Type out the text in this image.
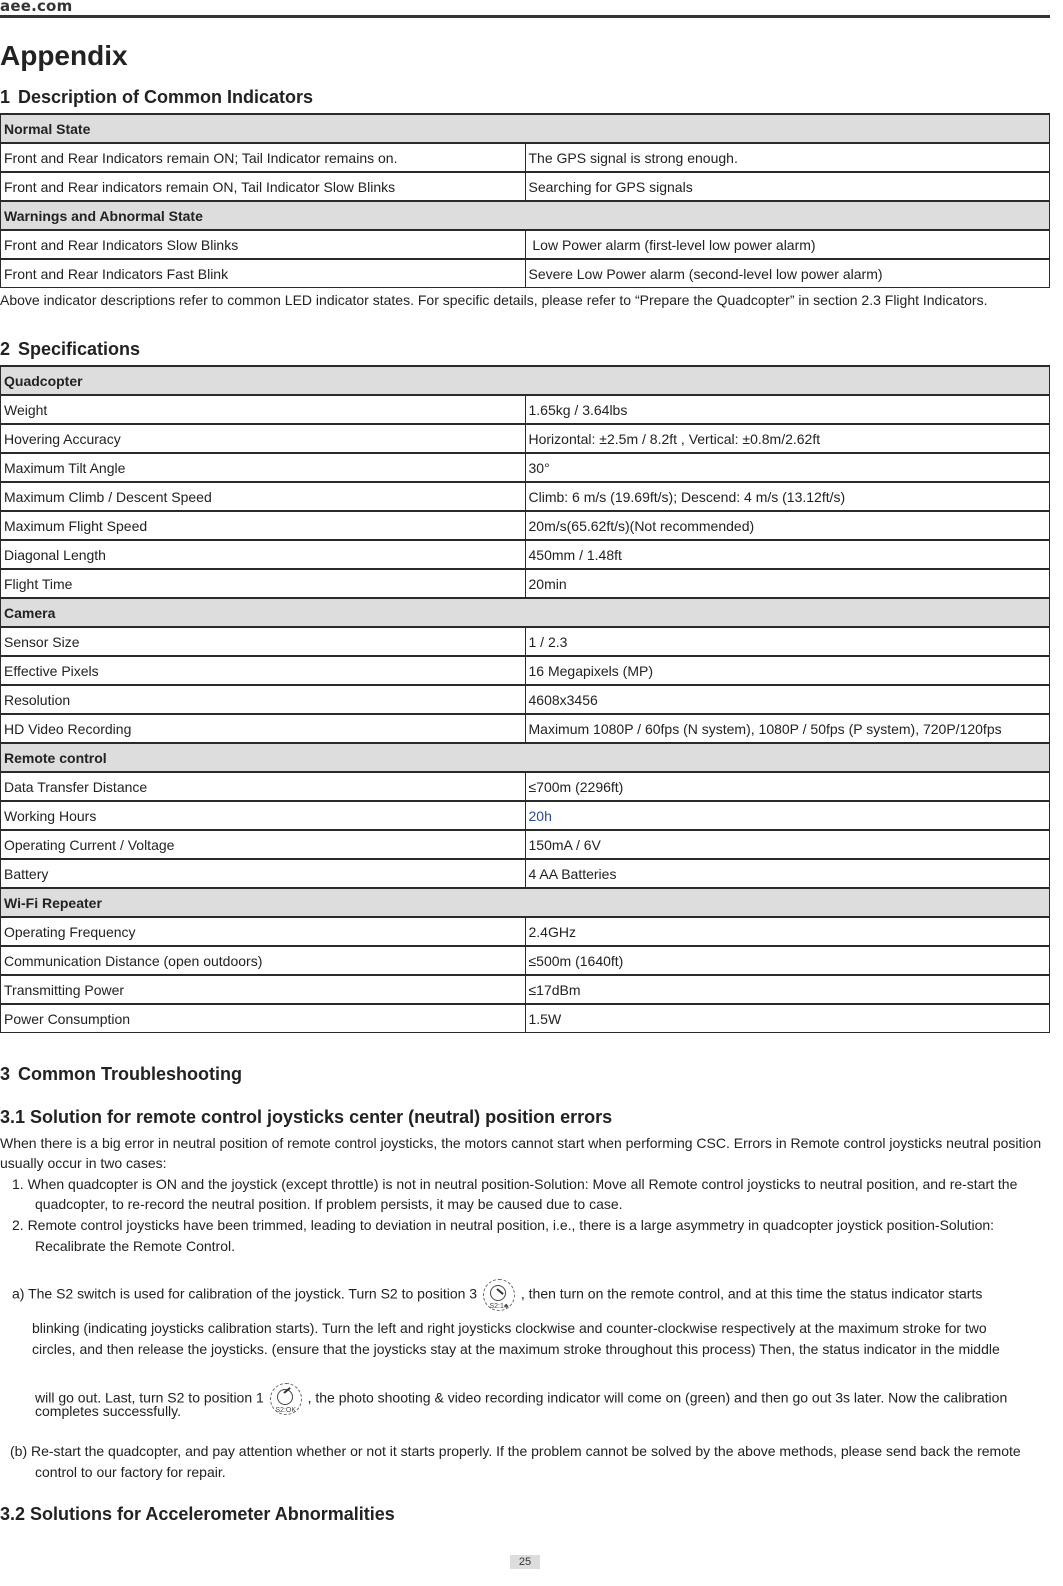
aee.com
Appendix
1 Description of Common Indicators
Normal State	
Front and Rear Indicators remain ON; Tail Indicator remains on.	The GPS signal is strong enough.
Front and Rear indicators remain ON, Tail Indicator Slow Blinks	Searching for GPS signals
Warnings and Abnormal State	
Front and Rear Indicators Slow Blinks	Low Power alarm (first-level low power alarm)
Front and Rear Indicators Fast Blink	Severe Low Power alarm (second-level low power alarm)
Above indicator descriptions refer to common LED indicator states. For specific details, please refer to “Prepare the Quadcopter” in section 2.3 Flight Indicators.
2 Specifications
Quadcopter	
Weight	1.65kg / 3.64lbs
Hovering Accuracy	Horizontal: ±2.5m / 8.2ft , Vertical: ±0.8m/2.62ft
Maximum Tilt Angle	30°
Maximum Climb / Descent Speed	Climb: 6 m/s (19.69ft/s); Descend: 4 m/s (13.12ft/s)
Maximum Flight Speed	20m/s(65.62ft/s)(Not recommended)
Diagonal Length	450mm / 1.48ft
Flight Time	20min
Camera	
Sensor Size	1 / 2.3
Effective Pixels	16 Megapixels (MP)
Resolution	4608x3456
HD Video Recording	Maximum 1080P / 60fps (N system), 1080P / 50fps (P system), 720P/120fps
Remote control	
Data Transfer Distance	≤700m (2296ft)
Working Hours	20h
Operating Current / Voltage	150mA / 6V
Battery	4 AA Batteries
Wi-Fi Repeater	
Operating Frequency	2.4GHz
Communication Distance (open outdoors)	≤500m (1640ft)
Transmitting Power	≤17dBm
Power Consumption	1.5W
3 Common Troubleshooting
3.1 Solution for remote control joysticks center (neutral) position errors

When there is a big error in neutral position of remote control joysticks, the motors cannot start when performing CSC. Errors in Remote control joysticks neutral position usually occur in two cases:

1. When quadcopter is ON and the joystick (except throttle) is not in neutral position-Solution: Move all Remote control joysticks to neutral position, and re-start the
quadcopter, to re-record the neutral position. If problem persists, it may be caused due to case.
2. Remote control joysticks have been trimmed, leading to deviation in neutral position, i.e., there is a large asymmetry in quadcopter joystick position-Solution:
Recalibrate the Remote Control.
a) The S2 switch is used for calibration of the joystick. Turn S2 to position 3
S2:1♣
, then turn on the remote control, and at this time the status indicator starts
blinking (indicating joysticks calibration starts). Turn the left and right joysticks clockwise and counter-clockwise respectively at the maximum stroke for two
circles, and then release the joysticks. (ensure that the joysticks stay at the maximum stroke throughout this process) Then, the status indicator in the middle
will go out. Last, turn S2 to position 1
S2:OK
, the photo shooting & video recording indicator will come on (green) and then go out 3s later. Now the calibration
completes successfully.
(b) Re-start the quadcopter, and pay attention whether or not it starts properly. If the problem cannot be solved by the above methods, please send back the remote
control to our factory for repair.
3.2 Solutions for Accelerometer Abnormalities
25
